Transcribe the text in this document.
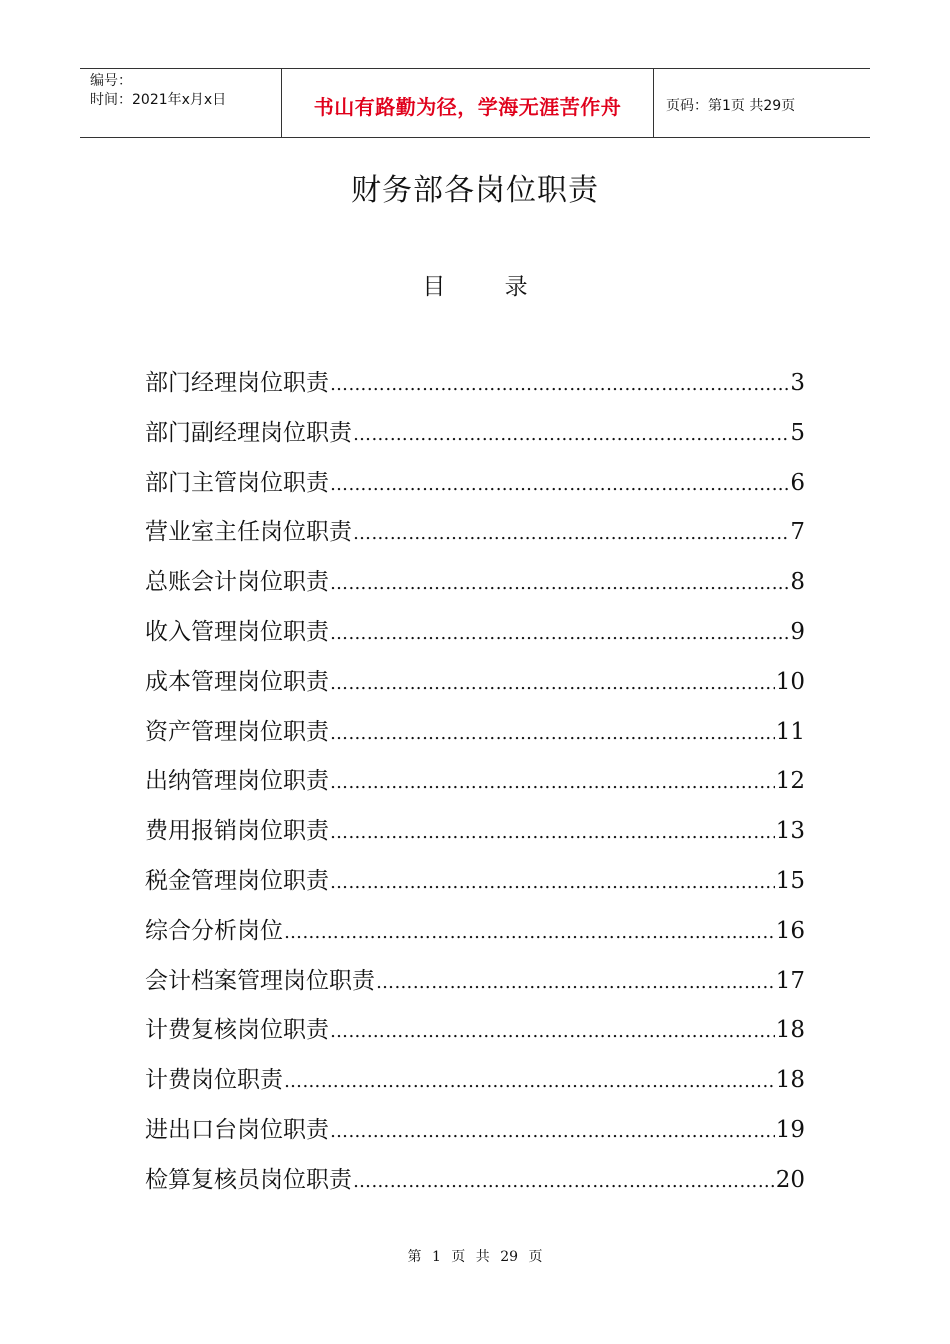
编号：
时间：2021年x月x日	书山有路勤为径，学海无涯苦作舟	页码：第1页 共29页
财务部各岗位职责
目 录
部门经理岗位职责 …………………………………………………………………………………………………………………………………………	3
部门副经理岗位职责 …………………………………………………………………………………………………………………………………………	5
部门主管岗位职责 …………………………………………………………………………………………………………………………………………	6
营业室主任岗位职责 …………………………………………………………………………………………………………………………………………	7
总账会计岗位职责 …………………………………………………………………………………………………………………………………………	8
收入管理岗位职责 …………………………………………………………………………………………………………………………………………	9
成本管理岗位职责 …………………………………………………………………………………………………………………………………………	10
资产管理岗位职责 …………………………………………………………………………………………………………………………………………	11
出纳管理岗位职责 …………………………………………………………………………………………………………………………………………	12
费用报销岗位职责 …………………………………………………………………………………………………………………………………………	13
税金管理岗位职责 …………………………………………………………………………………………………………………………………………	15
综合分析岗位 …………………………………………………………………………………………………………………………………………	16
会计档案管理岗位职责 …………………………………………………………………………………………………………………………………………	17
计费复核岗位职责 …………………………………………………………………………………………………………………………………………	18
计费岗位职责 …………………………………………………………………………………………………………………………………………	18
进出口台岗位职责 …………………………………………………………………………………………………………………………………………	19
检算复核员岗位职责 …………………………………………………………………………………………………………………………………………	20
第 1 页 共 29 页
